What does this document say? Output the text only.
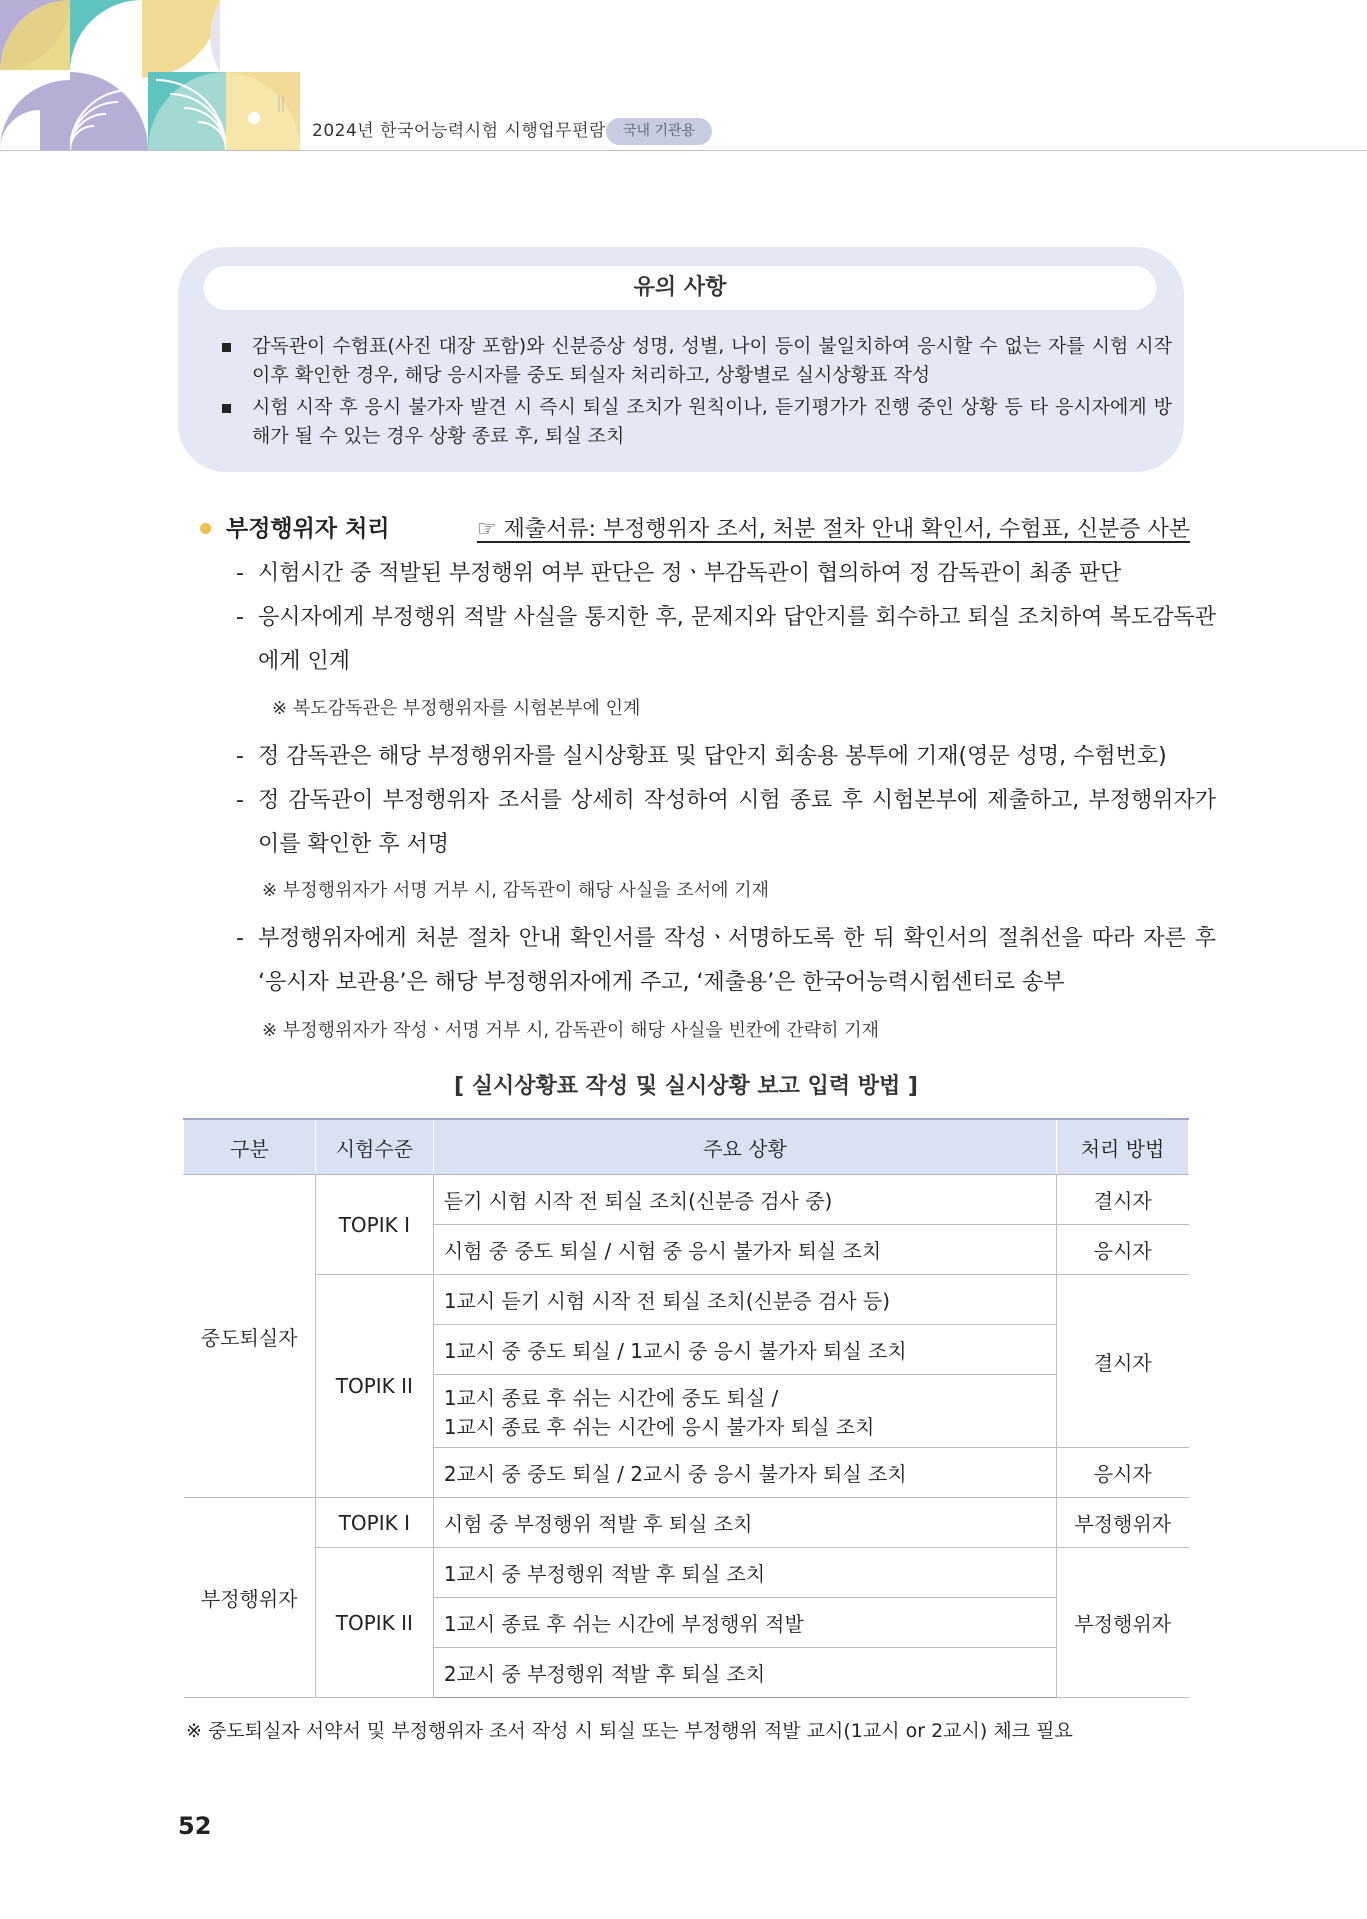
2024년 한국어능력시험 시행업무편람	국내 기관용
유의 사항
감독관이 수험표(사진 대장 포함)와 신분증상 성명, 성별, 나이 등이 불일치하여 응시할 수 없는 자를 시험 시작 이후 확인한 경우, 해당 응시자를 중도 퇴실자 처리하고, 상황별로 실시상황표 작성
시험 시작 후 응시 불가자 발견 시 즉시 퇴실 조치가 원칙이나, 듣기평가가 진행 중인 상황 등 타 응시자에게 방해가 될 수 있는 경우 상황 종료 후, 퇴실 조치
부정행위자 처리	☞ 제출서류: 부정행위자 조서, 처분 절차 안내 확인서, 수험표, 신분증 사본
- 시험시간 중 적발된 부정행위 여부 판단은 정ㆍ부감독관이 협의하여 정 감독관이 최종 판단
- 응시자에게 부정행위 적발 사실을 통지한 후, 문제지와 답안지를 회수하고 퇴실 조치하여 복도감독관에게 인계
※ 복도감독관은 부정행위자를 시험본부에 인계
- 정 감독관은 해당 부정행위자를 실시상황표 및 답안지 회송용 봉투에 기재(영문 성명, 수험번호)
- 정 감독관이 부정행위자 조서를 상세히 작성하여 시험 종료 후 시험본부에 제출하고, 부정행위자가 이를 확인한 후 서명
※ 부정행위자가 서명 거부 시, 감독관이 해당 사실을 조서에 기재
- 부정행위자에게 처분 절차 안내 확인서를 작성ㆍ서명하도록 한 뒤 확인서의 절취선을 따라 자른 후 ‘응시자 보관용’은 해당 부정행위자에게 주고, ‘제출용’은 한국어능력시험센터로 송부
※ 부정행위자가 작성ㆍ서명 거부 시, 감독관이 해당 사실을 빈칸에 간략히 기재
[ 실시상황표 작성 및 실시상황 보고 입력 방법 ]
구분	시험수준	주요 상황	처리 방법
중도퇴실자	TOPIK I	듣기 시험 시작 전 퇴실 조치(신분증 검사 중)	결시자
		시험 중 중도 퇴실 / 시험 중 응시 불가자 퇴실 조치	응시자
	TOPIK II	1교시 듣기 시험 시작 전 퇴실 조치(신분증 검사 등)	결시자
		1교시 중 중도 퇴실 / 1교시 중 응시 불가자 퇴실 조치	
		1교시 종료 후 쉬는 시간에 중도 퇴실 /	
		1교시 종료 후 쉬는 시간에 응시 불가자 퇴실 조치	
		2교시 중 중도 퇴실 / 2교시 중 응시 불가자 퇴실 조치	응시자
부정행위자	TOPIK I	시험 중 부정행위 적발 후 퇴실 조치	부정행위자
	TOPIK II	1교시 중 부정행위 적발 후 퇴실 조치	부정행위자
		1교시 종료 후 쉬는 시간에 부정행위 적발	
		2교시 중 부정행위 적발 후 퇴실 조치	
※ 중도퇴실자 서약서 및 부정행위자 조서 작성 시 퇴실 또는 부정행위 적발 교시(1교시 or 2교시) 체크 필요
52
